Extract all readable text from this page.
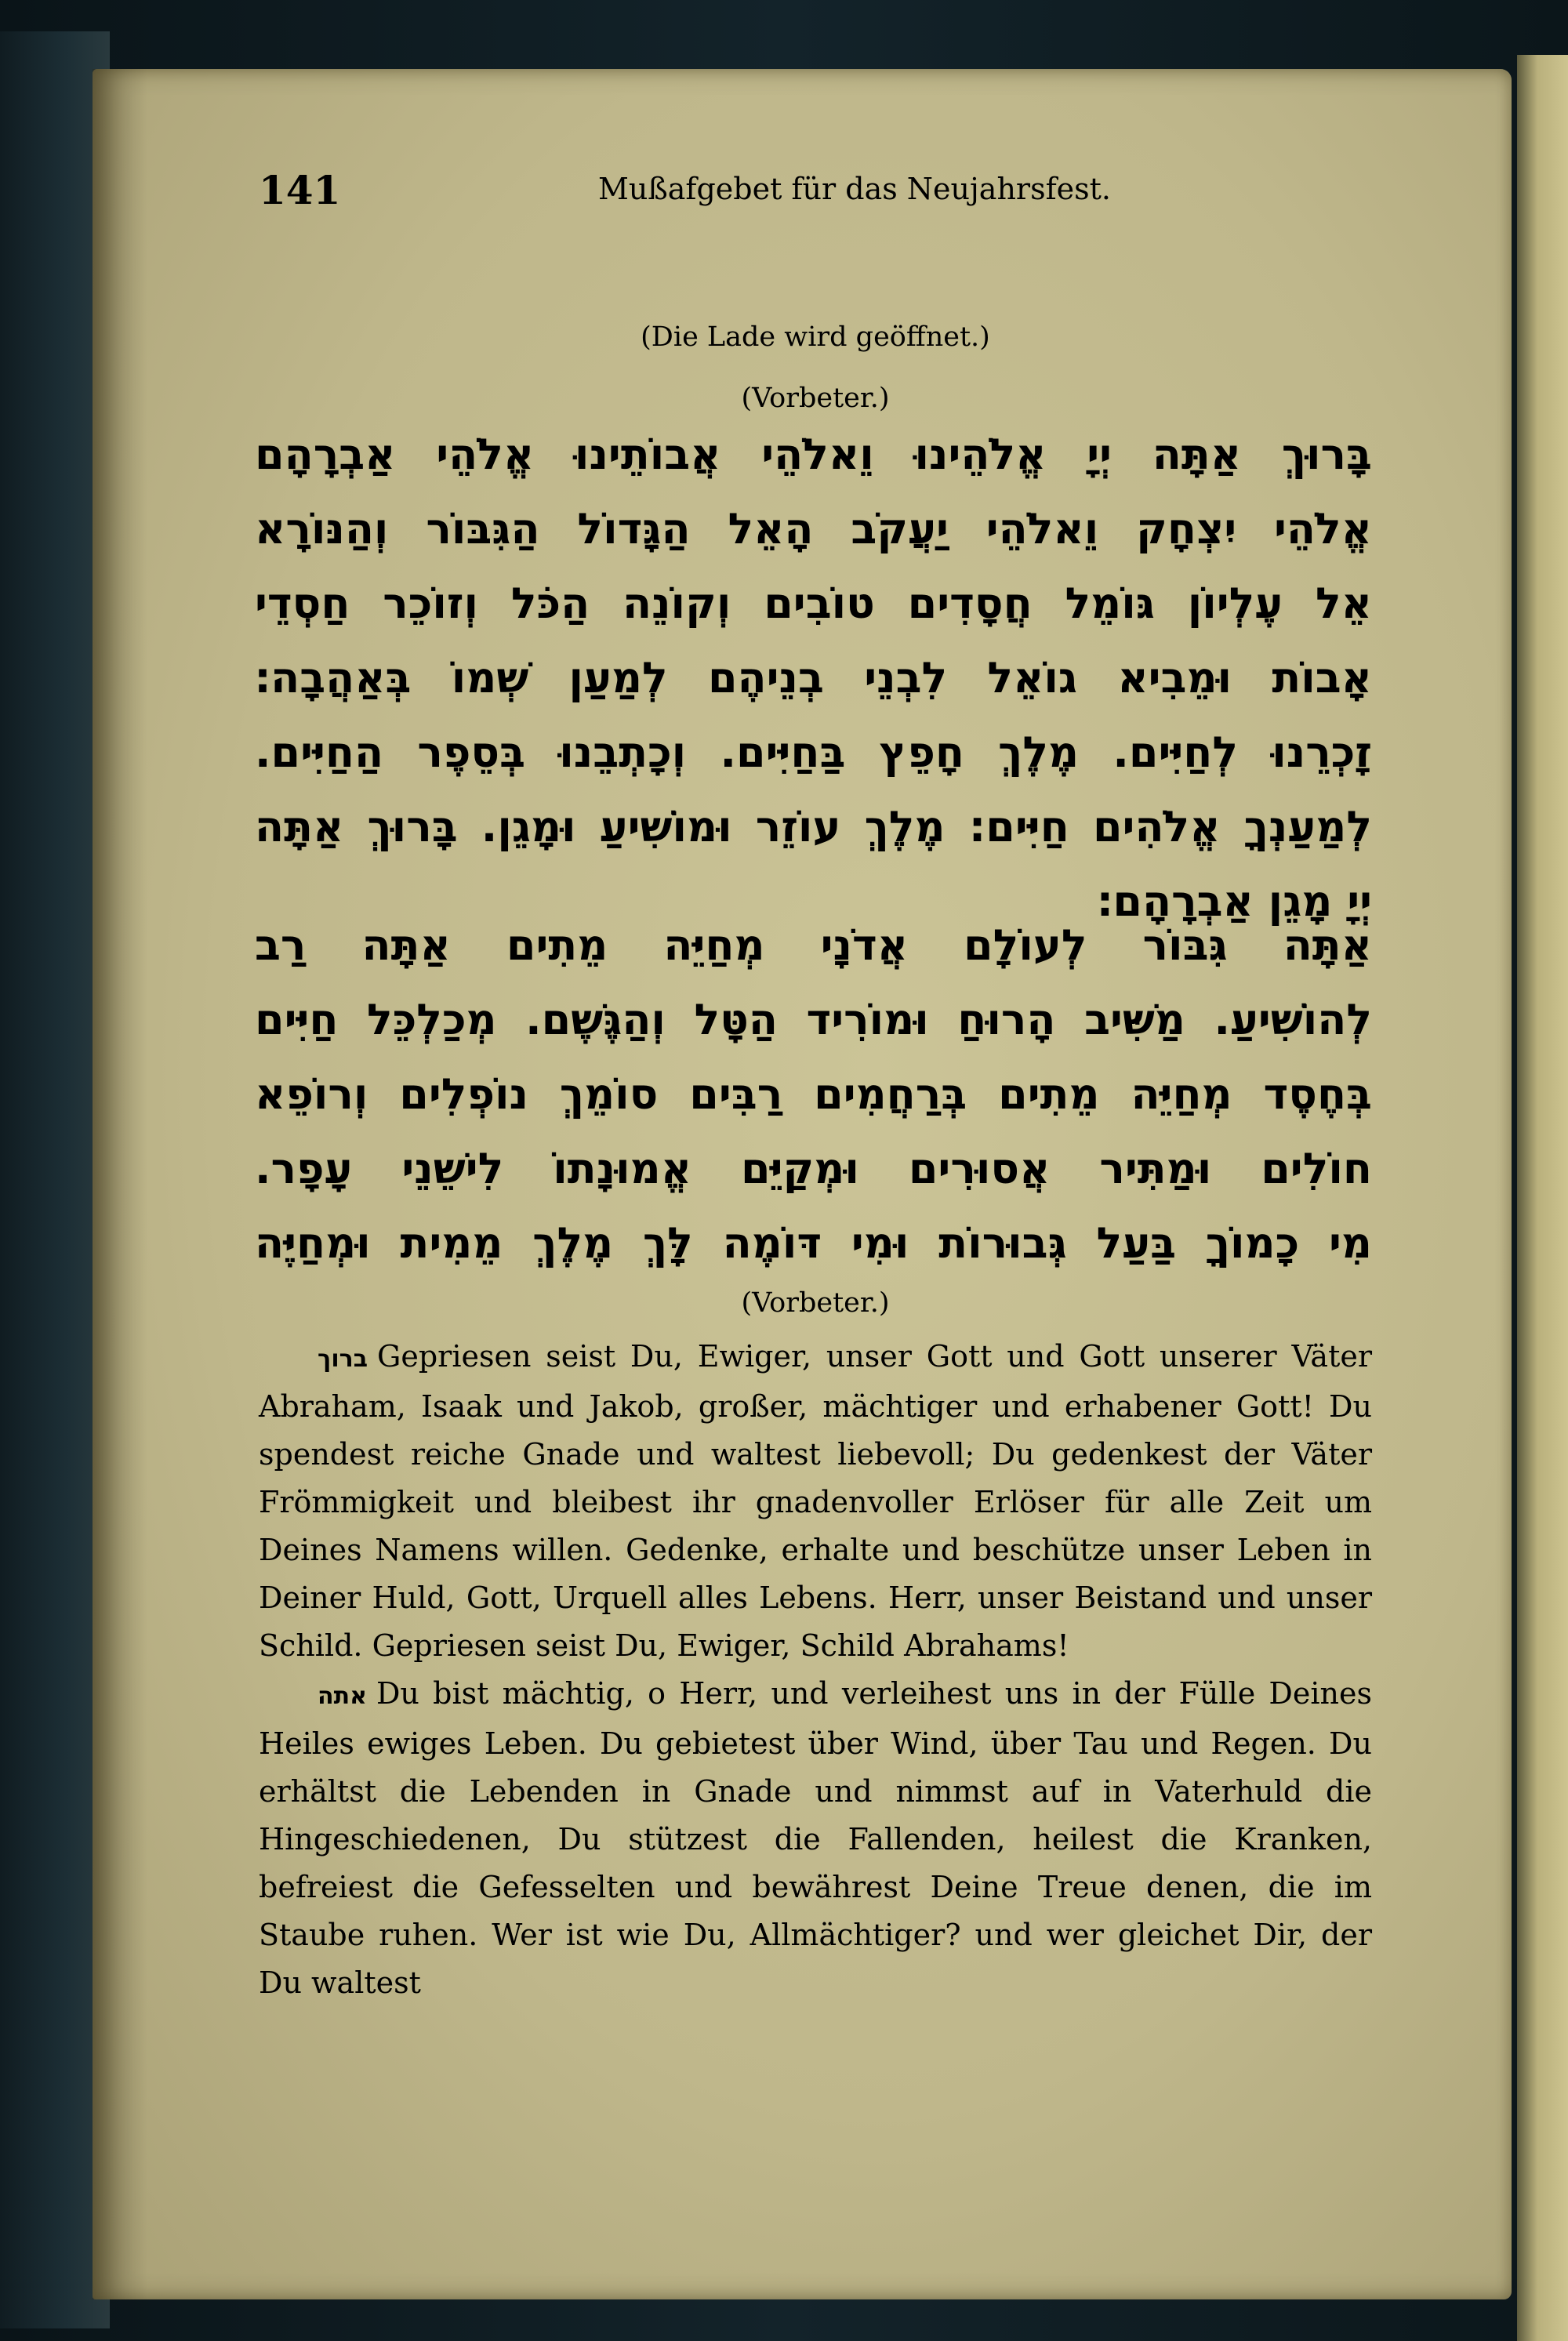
141	Mußafgebet für das Neujahrsfest.
(Die Lade wird geöffnet.)
(Vorbeter.)
בָּרוּךְ אַתָּה יְיָ אֱלֹהֵינוּ וֵאלֹהֵי אֲבוֹתֵינוּ אֱלֹהֵי אַבְרָהָם
אֱלֹהֵי יִצְחָק וֵאלֹהֵי יַעֲקֹב הָאֵל הַגָּדוֹל הַגִּבּוֹר וְהַנּוֹרָא
אֵל עֶלְיוֹן גּוֹמֵל חֲסָדִים טוֹבִים וְקוֹנֵה הַכֹּל וְזוֹכֵר חַסְדֵי
אָבוֹת וּמֵבִיא גוֹאֵל לִבְנֵי בְנֵיהֶם לְמַעַן שְׁמוֹ בְּאַהֲבָה׃
זָכְרֵנוּ לְחַיִּים. מֶלֶךְ חָפֵץ בַּחַיִּים. וְכָתְבֵנוּ בְּסֵפֶר הַחַיִּים.
לְמַעַנְךָ אֱלֹהִים חַיִּים: מֶלֶךְ עוֹזֵר וּמוֹשִׁיעַ וּמָגֵן. בָּרוּךְ אַתָּה
יְיָ מָגֵן אַבְרָהָם׃
אַתָּה גִּבּוֹר לְעוֹלָם אֲדֹנָי מְחַיֵּה מֵתִים אַתָּה רַב
לְהוֹשִׁיעַ. מַשִּׁיב הָרוּחַ וּמוֹרִיד הַטָּל וְהַגֶּשֶׁם. מְכַלְכֵּל חַיִּים
בְּחֶסֶד מְחַיֵּה מֵתִים בְּרַחֲמִים רַבִּים סוֹמֵךְ נוֹפְלִים וְרוֹפֵא
חוֹלִים וּמַתִּיר אֲסוּרִים וּמְקַיֵּם אֱמוּנָתוֹ לִישֵׁנֵי עָפָר.
מִי כָמוֹךָ בַּעַל גְּבוּרוֹת וּמִי דּוֹמֶה לָּךְ מֶלֶךְ מֵמִית וּמְחַיֶּה
(Vorbeter.)

ברוך Gepriesen seist Du, Ewiger, unser Gott und Gott unserer Väter Abraham, Isaak und Jakob, großer, mächtiger und erhabener Gott! Du spendest reiche Gnade und waltest liebevoll; Du gedenkest der Väter Frömmigkeit und bleibest ihr gnadenvoller Erlöser für alle Zeit um Deines Namens willen. Gedenke, erhalte und beschütze unser Leben in Deiner Huld, Gott, Urquell alles Lebens. Herr, unser Beistand und unser Schild. Gepriesen seist Du, Ewiger, Schild Abrahams!

אתה Du bist mächtig, o Herr, und verleihest uns in der Fülle Deines Heiles ewiges Leben. Du gebietest über Wind, über Tau und Regen. Du erhältst die Lebenden in Gnade und nimmst auf in Vaterhuld die Hingeschiedenen, Du stützest die Fallenden, heilest die Kranken, befreiest die Gefesselten und bewährest Deine Treue denen, die im Staube ruhen. Wer ist wie Du, Allmächtiger? und wer gleichet Dir, der Du waltest
